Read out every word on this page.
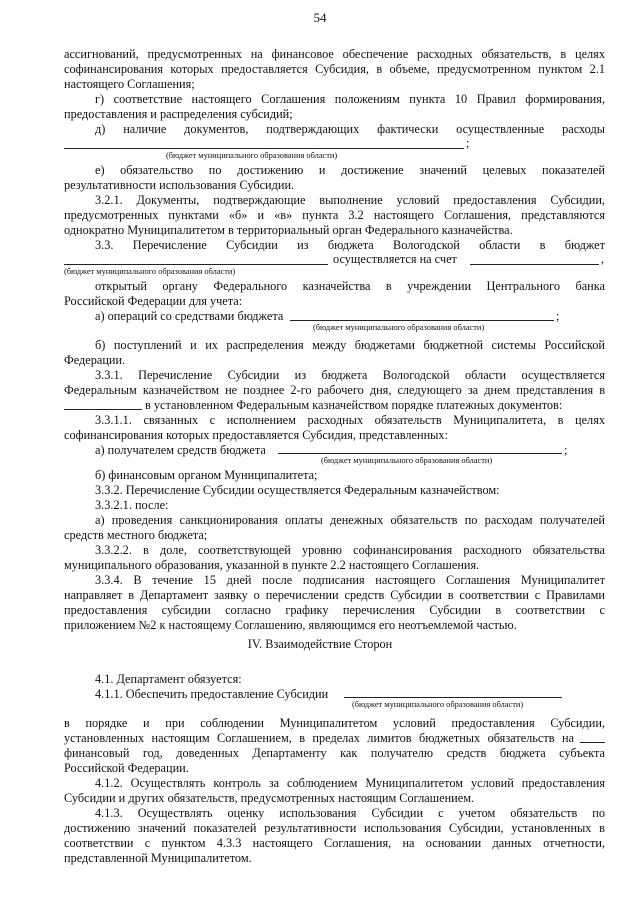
54
ассигнований, предусмотренных на финансовое обеспечение расходных обязательств, в целях
софинансирования которых предоставляется Субсидия, в объеме, предусмотренном пунктом 2.1
настоящего Соглашения;
г) соответствие настоящего Соглашения положениям пункта 10 Правил формирования,
предоставления и распределения субсидий;
д) наличие документов, подтверждающих фактически осуществленные расходы
;
е) обязательство по достижению и достижение значений целевых показателей
результативности использования Субсидии.
3.2.1. Документы, подтверждающие выполнение условий предоставления Субсидии,
предусмотренных пунктами «б» и «в» пункта 3.2 настоящего Соглашения, представляются
однократно Муниципалитетом в территориальный орган Федерального казначейства.
3.3. Перечисление Субсидии из бюджета Вологодской области в бюджет
осуществляется на счет	,
открытый органу Федерального казначейства в учреждении Центрального банка
Российской Федерации для учета:
а) операций со средствами бюджета	;
б) поступлений и их распределения между бюджетами бюджетной системы Российской
Федерации.
3.3.1. Перечисление Субсидии из бюджета Вологодской области осуществляется
Федеральным казначейством не позднее 2-го рабочего дня, следующего за днем представления в
в установленном Федеральным казначейством порядке платежных документов:
3.3.1.1. связанных с исполнением расходных обязательств Муниципалитета, в целях
софинансирования которых предоставляется Субсидия, представленных:
а) получателем средств бюджета	;
б) финансовым органом Муниципалитета;
3.3.2. Перечисление Субсидии осуществляется Федеральным казначейством:
3.3.2.1. после:
а) проведения санкционирования оплаты денежных обязательств по расходам получателей
средств местного бюджета;
3.3.2.2. в доле, соответствующей уровню софинансирования расходного обязательства
муниципального образования, указанной в пункте 2.2 настоящего Соглашения.
3.3.4. В течение 15 дней после подписания настоящего Соглашения Муниципалитет
направляет в Департамент заявку о перечислении средств Субсидии в соответствии с Правилами
предоставления субсидии согласно графику перечисления Субсидии в соответствии с
приложением №2 к настоящему Соглашению, являющимся его неотъемлемой частью.
4.1. Департамент обязуется:
4.1.1. Обеспечить предоставление Субсидии
в порядке и при соблюдении Муниципалитетом условий предоставления Субсидии,
установленных настоящим Соглашением, в пределах лимитов бюджетных обязательств на
финансовый год, доведенных Департаменту как получателю средств бюджета субъекта
Российской Федерации.
4.1.2. Осуществлять контроль за соблюдением Муниципалитетом условий предоставления
Субсидии и других обязательств, предусмотренных настоящим Соглашением.
4.1.3. Осуществлять оценку использования Субсидии с учетом обязательств по
достижению значений показателей результативности использования Субсидии, установленных в
соответствии с пунктом 4.3.3 настоящего Соглашения, на основании данных отчетности,
представленной Муниципалитетом.
(бюджет муниципального образования области)
(бюджет муниципального образования области)
(бюджет муниципального образования области)
(бюджет муниципального образования области)
(бюджет муниципального образования области)
IV. Взаимодействие Сторон
